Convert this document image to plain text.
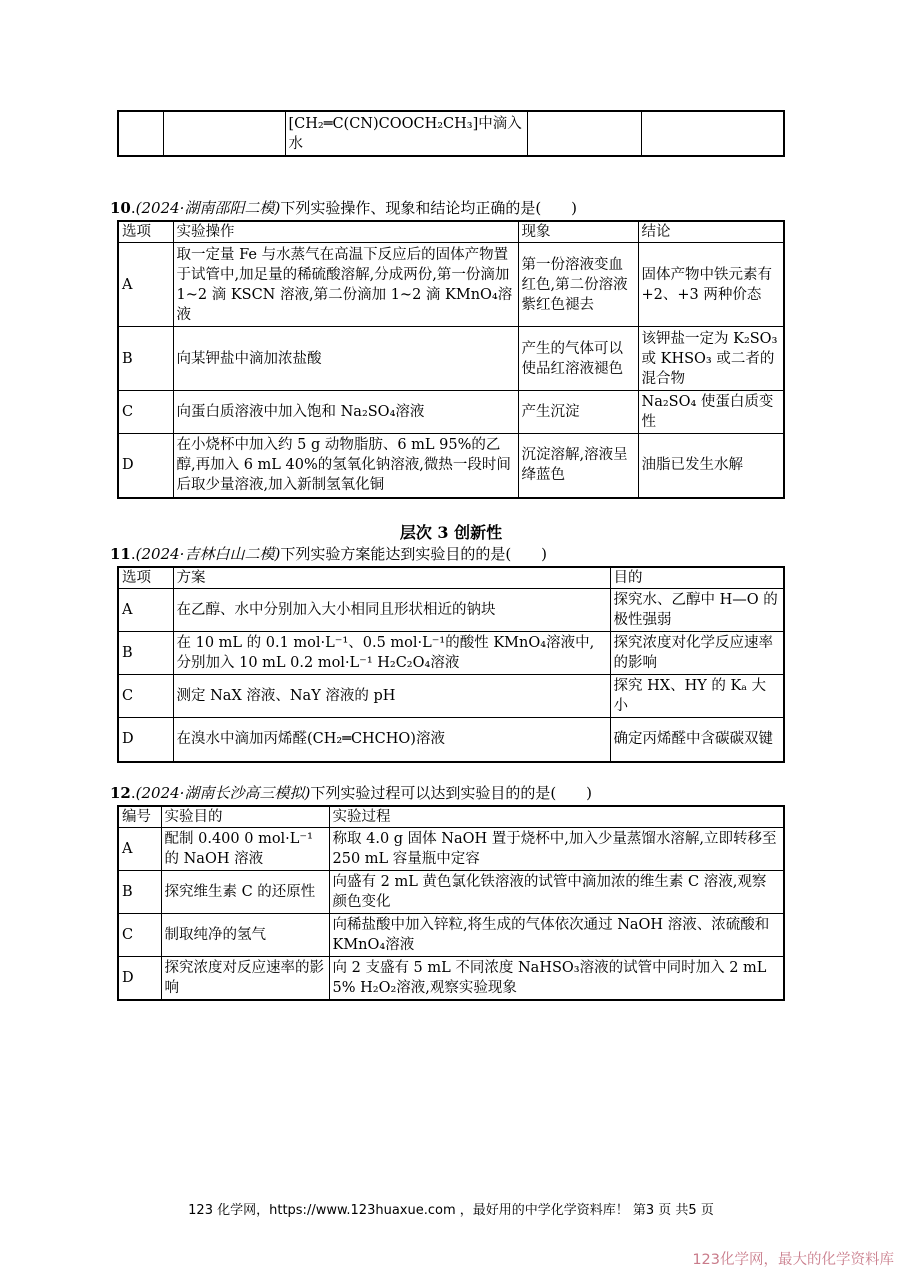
		[CH₂═C(CN)COOCH₂CH₃]中滴入水		
10.(2024·湖南邵阳二模)下列实验操作、现象和结论均正确的是(　　)
选项	实验操作	现象	结论
A	取一定量 Fe 与水蒸气在高温下反应后的固体产物置于试管中,加足量的稀硫酸溶解,分成两份,第一份滴加 1~2 滴 KSCN 溶液,第二份滴加 1~2 滴 KMnO₄溶液	第一份溶液变血红色,第二份溶液紫红色褪去	固体产物中铁元素有+2、+3 两种价态
B	向某钾盐中滴加浓盐酸	产生的气体可以使品红溶液褪色	该钾盐一定为 K₂SO₃ 或 KHSO₃ 或二者的混合物
C	向蛋白质溶液中加入饱和 Na₂SO₄溶液	产生沉淀	Na₂SO₄ 使蛋白质变性
D	在小烧杯中加入约 5 g 动物脂肪、6 mL 95%的乙醇,再加入 6 mL 40%的氢氧化钠溶液,微热一段时间后取少量溶液,加入新制氢氧化铜	沉淀溶解,溶液呈绛蓝色	油脂已发生水解
层次 3 创新性
11.(2024·吉林白山二模)下列实验方案能达到实验目的的是(　　)
选项	方案	目的
A	在乙醇、水中分别加入大小相同且形状相近的钠块	探究水、乙醇中 H—O 的极性强弱
B	在 10 mL 的 0.1 mol·L⁻¹、0.5 mol·L⁻¹的酸性 KMnO₄溶液中,分别加入 10 mL 0.2 mol·L⁻¹ H₂C₂O₄溶液	探究浓度对化学反应速率的影响
C	测定 NaX 溶液、NaY 溶液的 pH	探究 HX、HY 的 Kₐ 大小
D	在溴水中滴加丙烯醛(CH₂═CHCHO)溶液	确定丙烯醛中含碳碳双键
12.(2024·湖南长沙高三模拟)下列实验过程可以达到实验目的的是(　　)
编号	实验目的	实验过程
A	配制 0.400 0 mol·L⁻¹的 NaOH 溶液	称取 4.0 g 固体 NaOH 置于烧杯中,加入少量蒸馏水溶解,立即转移至 250 mL 容量瓶中定容
B	探究维生素 C 的还原性	向盛有 2 mL 黄色氯化铁溶液的试管中滴加浓的维生素 C 溶液,观察颜色变化
C	制取纯净的氢气	向稀盐酸中加入锌粒,将生成的气体依次通过 NaOH 溶液、浓硫酸和 KMnO₄溶液
D	探究浓度对反应速率的影响	向 2 支盛有 5 mL 不同浓度 NaHSO₃溶液的试管中同时加入 2 mL 5% H₂O₂溶液,观察实验现象
123 化学网，https://www.123huaxue.com ，最好用的中学化学资料库！ 第3 页 共5 页
123化学网，最大的化学资料库
